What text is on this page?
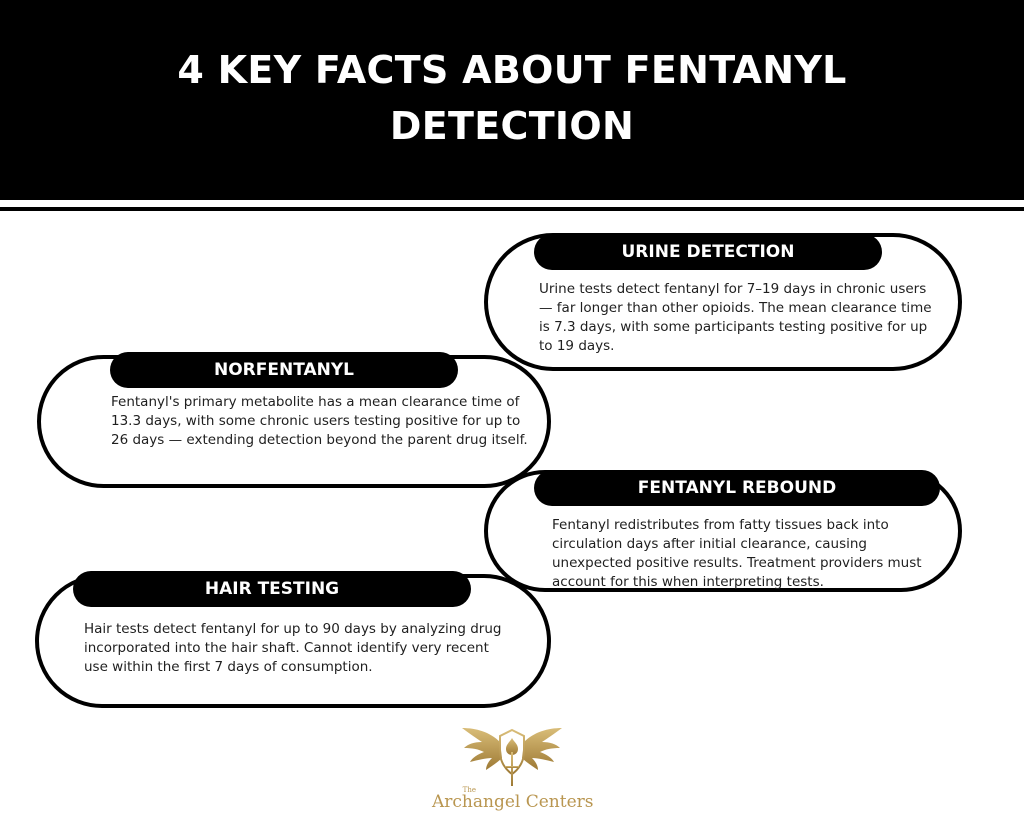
4 KEY FACTS ABOUT FENTANYL DETECTION
URINE DETECTION

Urine tests detect fentanyl for 7–19 days in chronic users — far longer than other opioids. The mean clearance time is 7.3 days, with some participants testing positive for up to 19 days.

NORFENTANYL

Fentanyl's primary metabolite has a mean clearance time of 13.3 days, with some chronic users testing positive for up to 26 days — extending detection beyond the parent drug itself.

FENTANYL REBOUND

Fentanyl redistributes from fatty tissues back into circulation days after initial clearance, causing unexpected positive results. Treatment providers must account for this when interpreting tests.

HAIR TESTING

Hair tests detect fentanyl for up to 90 days by analyzing drug incorporated into the hair shaft. Cannot identify very recent use within the first 7 days of consumption.

The
Archangel Centers
